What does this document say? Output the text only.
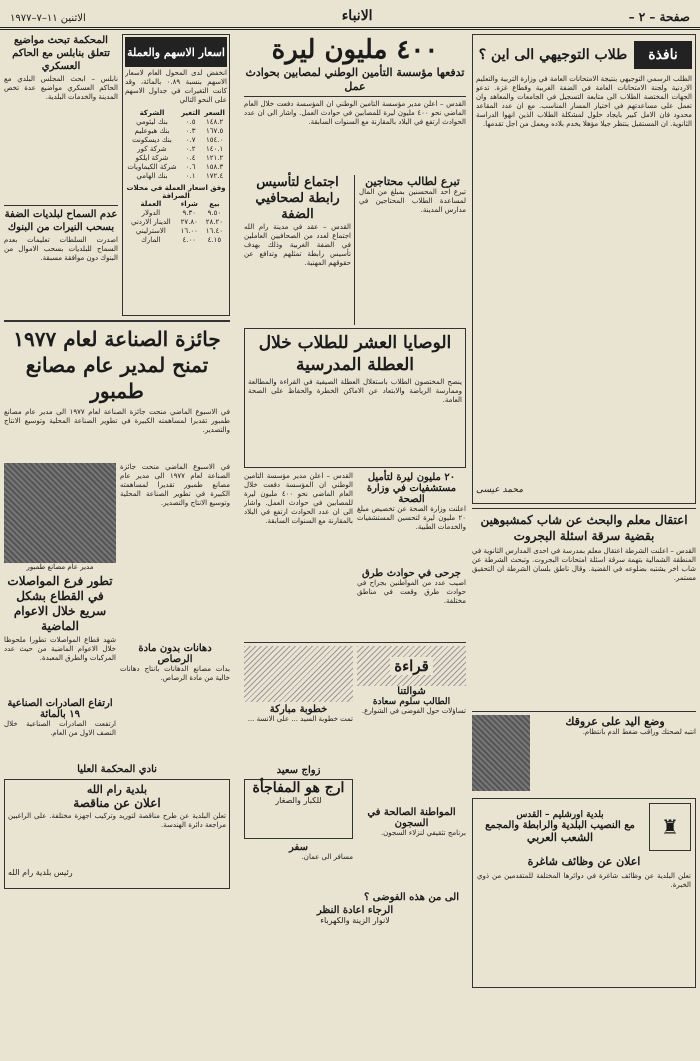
صفحة – ٢ –
الانباء
الاثنين ١١–٧–١٩٧٧
نافذة
طلاب التوجيهي الى اين ؟
الطلب الرسمي التوجيهي بنتيجة الامتحانات العامة في وزارة التربية والتعليم الاردنية ولجنة الامتحانات العامة في الضفة الغربية وقطاع غزة. تدعو الجهات المختصة الطلاب الى متابعة التسجيل في الجامعات والمعاهد وان تعمل على مساعدتهم في اختيار المسار المناسب. مع ان عدد المقاعد محدود فان الامل كبير بايجاد حلول لمشكلة الطلاب الذين انهوا الدراسة الثانوية. ان المستقبل ينتظر جيلا مؤهلا يخدم بلاده ويعمل من اجل تقدمها.
محمد عيسى
اعتقال معلم والبحث عن شاب كمشبوهين بقضية سرقة اسئلة البجروت
القدس – اعلنت الشرطة اعتقال معلم بمدرسة في احدى المدارس الثانوية في المنطقة الشمالية بتهمة سرقة اسئلة امتحانات البجروت. وتبحث الشرطة عن شاب اخر يشتبه بضلوعه في القضية. وقال ناطق بلسان الشرطة ان التحقيق مستمر.
وضع اليد على عروقك
انتبه لصحتك وراقب ضغط الدم بانتظام.
♜
بلدية اورشليم – القدس
مع النصيب البلدية والرابطة والمجمع
الشعب العربي
اعلان عن وظائف شاغرة
تعلن البلدية عن وظائف شاغرة في دوائرها المختلفة للمتقدمين من ذوي الخبرة.
٤٠٠ مليون ليرة
تدفعها مؤسسة التأمين الوطني لمصابين بحوادث عمل
القدس – اعلن مدير مؤسسة التأمين الوطني ان المؤسسة دفعت خلال العام الماضي نحو ٤٠٠ مليون ليرة للمصابين في حوادث العمل. واشار الى ان عدد الحوادث ارتفع في البلاد بالمقارنة مع السنوات السابقة.
تبرع لطالب محتاجين
تبرع احد المحسنين بمبلغ من المال لمساعدة الطلاب المحتاجين في مدارس المدينة.
اجتماع لتأسيس رابطة لصحافيي الضفة
القدس – عقد في مدينة رام الله اجتماع لعدد من الصحافيين العاملين في الضفة الغربية وذلك بهدف تأسيس رابطة تمثلهم وتدافع عن حقوقهم المهنية.
الوصايا العشر للطلاب خلال العطلة المدرسية
ينصح المختصون الطلاب باستغلال العطلة الصيفية في القراءة والمطالعة وممارسة الرياضة والابتعاد عن الاماكن الخطرة والحفاظ على الصحة العامة.
٢٠ مليون ليرة لتأميل مستشفيات في وزارة الصحة
اعلنت وزارة الصحة عن تخصيص مبلغ ٢٠ مليون ليرة لتحسين المستشفيات والخدمات الطبية.
جرحى في حوادث طرق
اصيب عدد من المواطنين بجراح في حوادث طرق وقعت في مناطق مختلفة.
القدس – اعلن مدير مؤسسة التأمين الوطني ان المؤسسة دفعت خلال العام الماضي نحو ٤٠٠ مليون ليرة للمصابين في حوادث العمل. واشار الى ان عدد الحوادث ارتفع في البلاد بالمقارنة مع السنوات السابقة.
قراءة
شوالتنا
الطالب سلوم سعادة
تساؤلات حول الفوضى في الشوارع.
المواطنة الصالحة في السجون
برنامج تثقيفي لنزلاء السجون.
الى من هذه الفوضى ؟
خطوبة مباركة
تمت خطوبة السيد ... على الانسة ...
زواج سعيد
ارج هو المفاجأة
للكبار والصغار
سفر
مسافر الى عمان.
الرجاء اعادة النظر
لانوار الزينة والكهرباء
اسعار الاسهم والعملة
انخفض لدى المحول العام لاسعار الاسهم بنسبة ٠.٨٩ بالمائة، وقد كانت التغيرات في جداول الاسهم على النحو التالي
السعر	التغير	الشركة
١٤٨.٢	٠.٥	بنك ليئومي
١٦٧.٥	٠.٣	بنك هبوعليم
١٥٤.٠	٠.٧	بنك ديسكونت
١٤٠.١	٠.٢	شركة كور
١٢١.٢	٠.٤	شركة ايلكو
١٥٨.٣	٠.٦	شركة الكيماويات
١٧٢.٤	٠.١	بنك الهامي
وفق اسعار العملة في محلات الصرافة
بيع	شراء	العملة
٩.٥٠	٩.٣٠	الدولار
٢٨.٢٠	٢٧.٨٠	الدينار الاردني
١٦.٤٠	١٦.٠٠	الاسترليني
٤.١٥	٤.٠٠	المارك
المحكمة تبحث مواضيع تتعلق بنابلس مع الحاكم العسكري
نابلس – ابحث المجلس البلدي مع الحاكم العسكري مواضيع عدة تخص المدينة والخدمات البلدية.
عدم السماح لبلديات الضفة بسحب النيرات من البنوك
اصدرت السلطات تعليمات بعدم السماح للبلديات بسحب الاموال من البنوك دون موافقة مسبقة.
جائزة الصناعة لعام ١٩٧٧
تمنح لمدير عام مصانع طمبور
في الاسبوع الماضي منحت جائزة الصناعة لعام ١٩٧٧ الى مدير عام مصانع طمبور تقديرا لمساهمته الكبيرة في تطوير الصناعة المحلية وتوسيع الانتاج والتصدير.
في الاسبوع الماضي منحت جائزة الصناعة لعام ١٩٧٧ الى مدير عام مصانع طمبور تقديرا لمساهمته الكبيرة في تطوير الصناعة المحلية وتوسيع الانتاج والتصدير.
دهانات بدون مادة الرصاص
بدأت مصانع الدهانات بانتاج دهانات خالية من مادة الرصاص.
مدير عام مصانع طمبور
تطور فرع المواصلات في القطاع بشكل سريع خلال الاعوام الماضية
شهد قطاع المواصلات تطورا ملحوظا خلال الاعوام الماضية من حيث عدد المركبات والطرق المعبدة.
ارتفاع الصادرات الصناعية ١٩ بالمائة
ارتفعت الصادرات الصناعية خلال النصف الاول من العام.
نادي المحكمة العليا
بلدية رام الله
اعلان عن مناقصة
تعلن البلدية عن طرح مناقصة لتوريد وتركيب اجهزة مختلفة. على الراغبين مراجعة دائرة الهندسة.
رئيس بلدية رام الله
